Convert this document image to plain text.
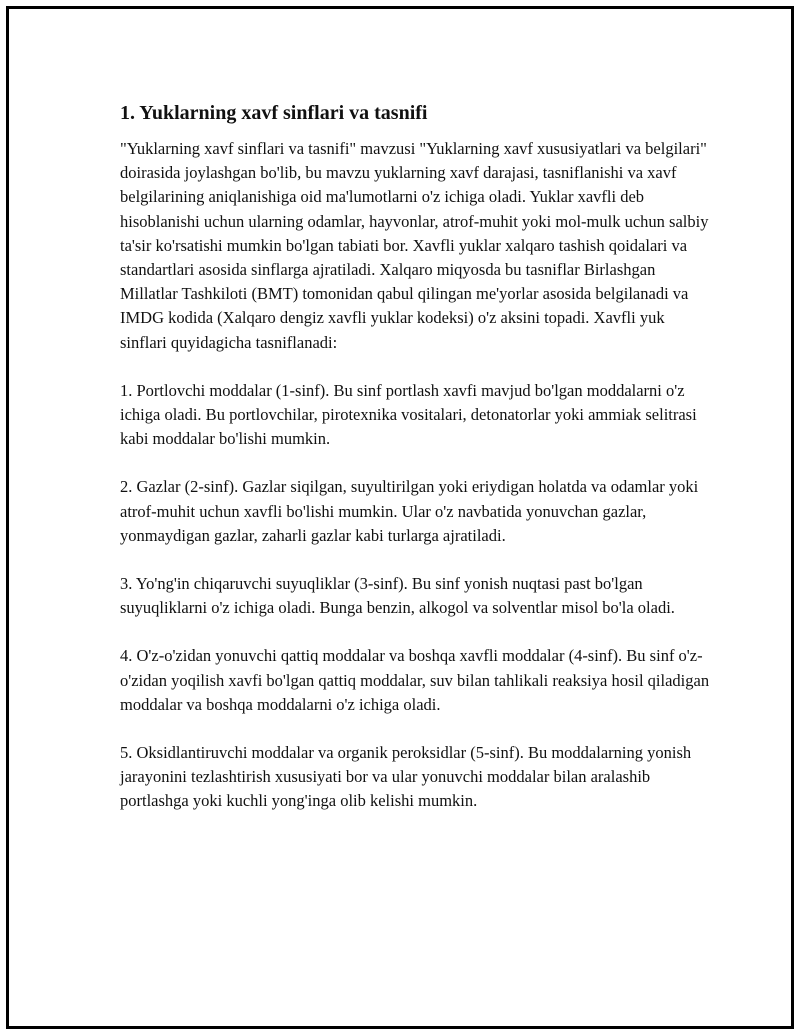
1. Yuklarning xavf sinflari va tasnifi

"Yuklarning xavf sinflari va tasnifi" mavzusi "Yuklarning xavf xususiyatlari va belgilari" doirasida joylashgan bo'lib, bu mavzu yuklarning xavf darajasi, tasniflanishi va xavf belgilarining aniqlanishiga oid ma'lumotlarni o'z ichiga oladi. Yuklar xavfli deb hisoblanishi uchun ularning odamlar, hayvonlar, atrof-muhit yoki mol-mulk uchun salbiy ta'sir ko'rsatishi mumkin bo'lgan tabiati bor. Xavfli yuklar xalqaro tashish qoidalari va standartlari asosida sinflarga ajratiladi. Xalqaro miqyosda bu tasniflar Birlashgan Millatlar Tashkiloti (BMT) tomonidan qabul qilingan me'yorlar asosida belgilanadi va IMDG kodida (Xalqaro dengiz xavfli yuklar kodeksi) o'z aksini topadi. Xavfli yuk sinflari quyidagicha tasniflanadi:

1. Portlovchi moddalar (1-sinf). Bu sinf portlash xavfi mavjud bo'lgan moddalarni o'z ichiga oladi. Bu portlovchilar, pirotexnika vositalari, detonatorlar yoki ammiak selitrasi kabi moddalar bo'lishi mumkin.

2. Gazlar (2-sinf). Gazlar siqilgan, suyultirilgan yoki eriydigan holatda va odamlar yoki atrof-muhit uchun xavfli bo'lishi mumkin. Ular o'z navbatida yonuvchan gazlar, yonmaydigan gazlar, zaharli gazlar kabi turlarga ajratiladi.

3. Yo'ng'in chiqaruvchi suyuqliklar (3-sinf). Bu sinf yonish nuqtasi past bo'lgan suyuqliklarni o'z ichiga oladi. Bunga benzin, alkogol va solventlar misol bo'la oladi.

4. O'z-o'zidan yonuvchi qattiq moddalar va boshqa xavfli moddalar (4-sinf). Bu sinf o'z-o'zidan yoqilish xavfi bo'lgan qattiq moddalar, suv bilan tahlikali reaksiya hosil qiladigan moddalar va boshqa moddalarni o'z ichiga oladi.

5. Oksidlantiruvchi moddalar va organik peroksidlar (5-sinf). Bu moddalarning yonish jarayonini tezlashtirish xususiyati bor va ular yonuvchi moddalar bilan aralashib portlashga yoki kuchli yong'inga olib kelishi mumkin.
